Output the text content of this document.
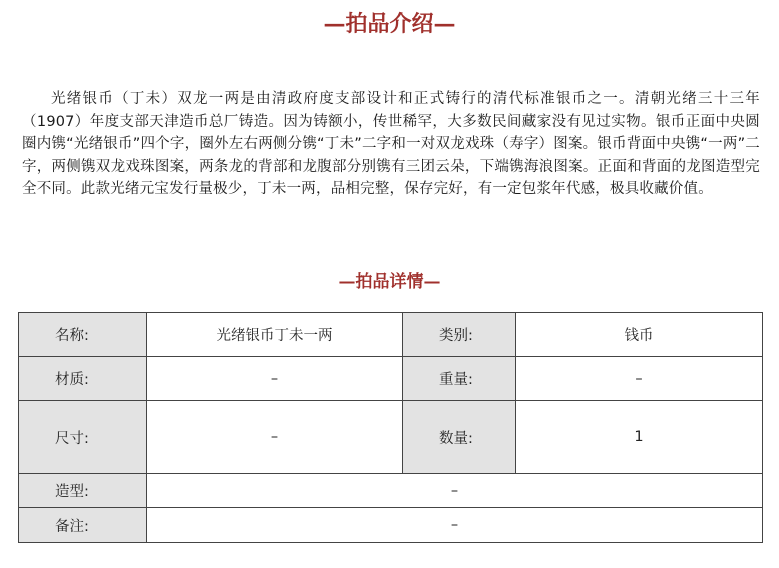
—拍品介绍—

光绪银币（丁未）双龙一两是由清政府度支部设计和正式铸行的清代标准银币之一。清朝光绪三十三年（1907）年度支部天津造币总厂铸造。因为铸额小，传世稀罕，大多数民间藏家没有见过实物。银币正面中央圆圈内镌“光绪银币”四个字，圈外左右两侧分镌“丁未”二字和一对双龙戏珠（寿字）图案。银币背面中央镌“一两”二字，两侧镌双龙戏珠图案，两条龙的背部和龙腹部分别镌有三团云朵，下端镌海浪图案。正面和背面的龙图造型完全不同。此款光绪元宝发行量极少，丁未一两，品相完整，保存完好，有一定包浆年代感，极具收藏价值。

—拍品详情—
名称:	光绪银币丁未一两	类别:	钱币
材质:	–	重量:	–
尺寸:	–	数量:	1
造型:	–		
备注:	–		
